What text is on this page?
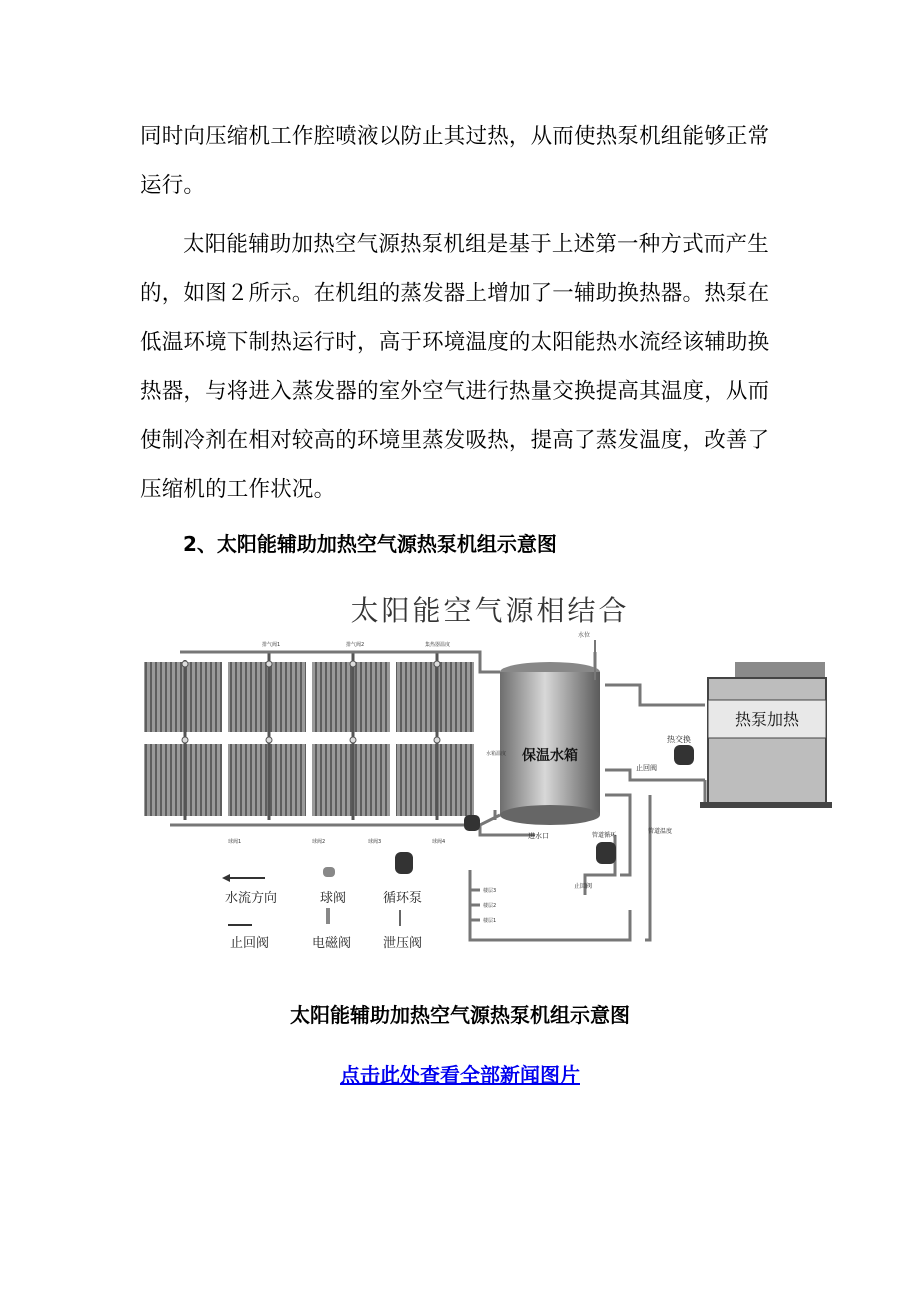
同时向压缩机工作腔喷液以防止其过热，从而使热泵机组能够正常运行。

太阳能辅助加热空气源热泵机组是基于上述第一种方式而产生的，如图２所示。在机组的蒸发器上增加了一辅助换热器。热泵在低温环境下制热运行时，高于环境温度的太阳能热水流经该辅助换热器，与将进入蒸发器的室外空气进行热量交换提高其温度，从而使制冷剂在相对较高的环境里蒸发吸热，提高了蒸发温度，改善了压缩机的工作状况。

2、太阳能辅助加热空气源热泵机组示意图
太阳能空气源相结合
保温水箱
水位
热泵加热
热交换
止回阀
水箱温度
进水口	管道循环
管道温度
止回阀
排气阀1	排气阀2	集热器温度
球阀1	球阀2	球阀3	球阀4
楼层3
楼层2
楼层1
水流方向	球阀	循环泵
止回阀	电磁阀 泄压阀
太阳能辅助加热空气源热泵机组示意图
点击此处查看全部新闻图片
